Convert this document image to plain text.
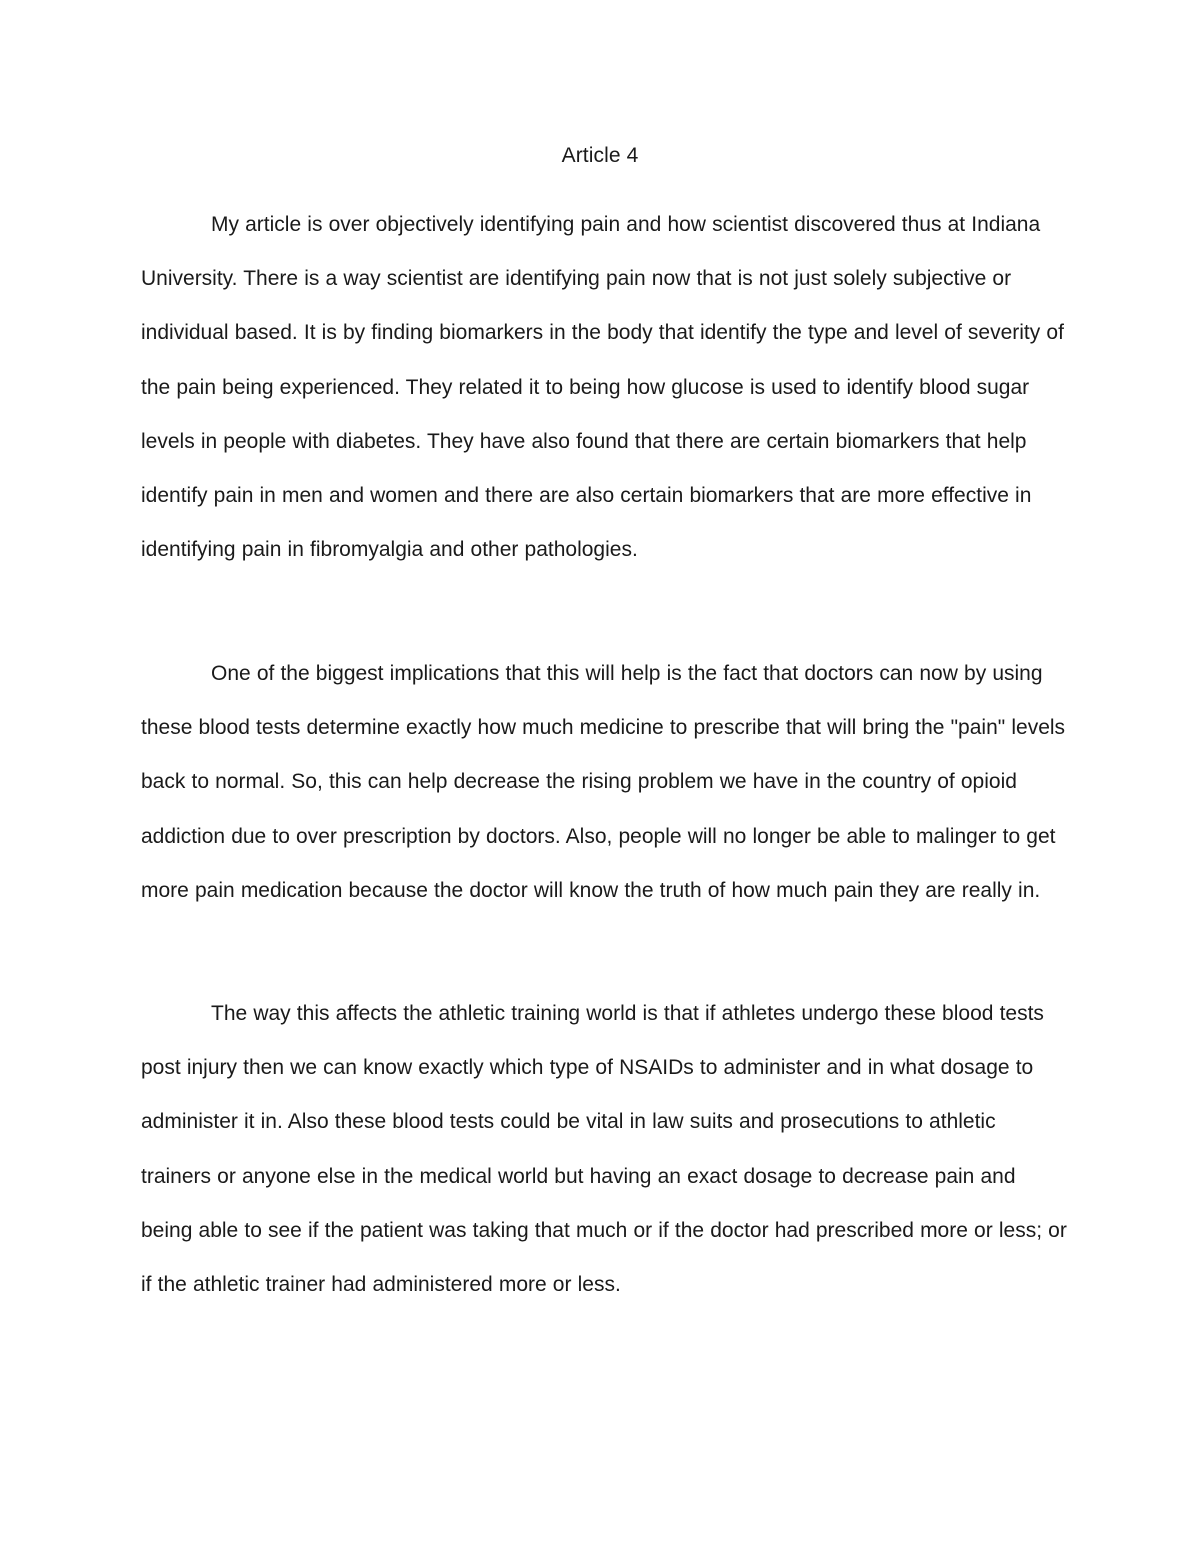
Article 4

My article is over objectively identifying pain and how scientist discovered thus at Indiana University. There is a way scientist are identifying pain now that is not just solely subjective or individual based. It is by finding biomarkers in the body that identify the type and level of severity of the pain being experienced. They related it to being how glucose is used to identify blood sugar levels in people with diabetes. They have also found that there are certain biomarkers that help identify pain in men and women and there are also certain biomarkers that are more effective in identifying pain in fibromyalgia and other pathologies.

One of the biggest implications that this will help is the fact that doctors can now by using these blood tests determine exactly how much medicine to prescribe that will bring the "pain" levels back to normal. So, this can help decrease the rising problem we have in the country of opioid addiction due to over prescription by doctors. Also, people will no longer be able to malinger to get more pain medication because the doctor will know the truth of how much pain they are really in.

The way this affects the athletic training world is that if athletes undergo these blood tests post injury then we can know exactly which type of NSAIDs to administer and in what dosage to administer it in. Also these blood tests could be vital in law suits and prosecutions to athletic trainers or anyone else in the medical world but having an exact dosage to decrease pain and being able to see if the patient was taking that much or if the doctor had prescribed more or less; or if the athletic trainer had administered more or less.
